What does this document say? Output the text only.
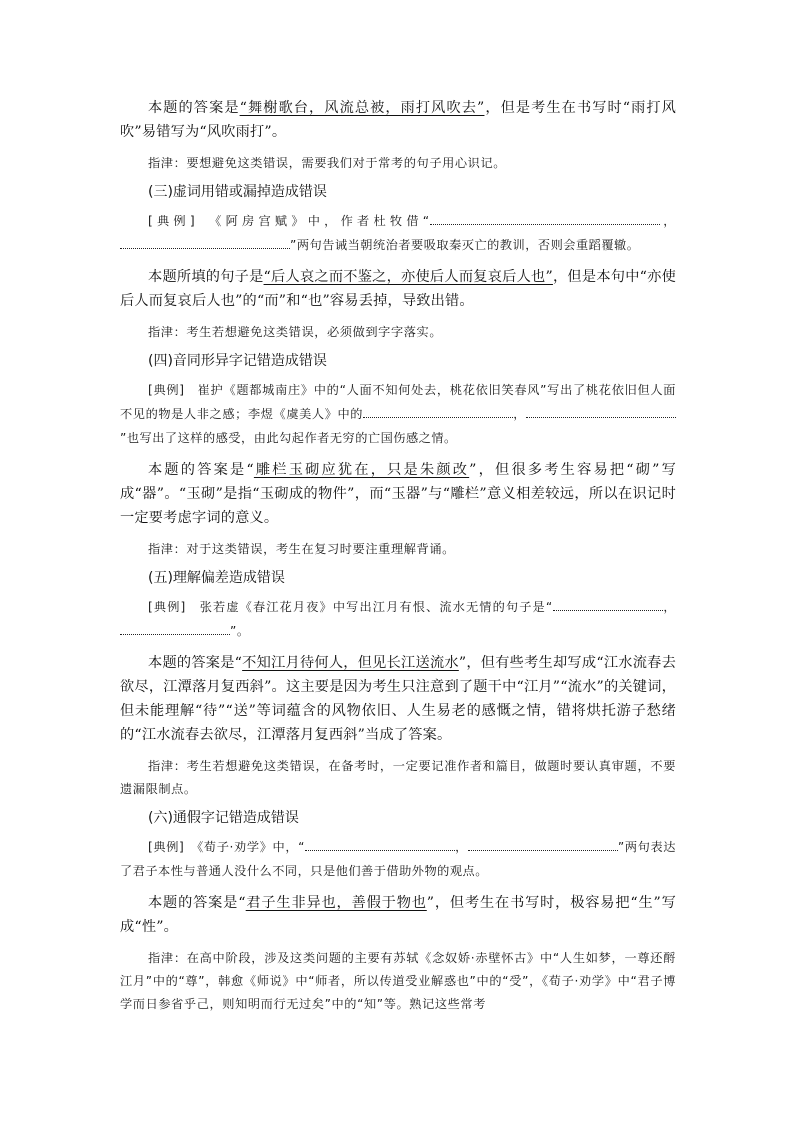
本题的答案是“舞榭歌台，风流总被，雨打风吹去”，但是考生在书写时“雨打风吹”易错写为“风吹雨打”。

指津：要想避免这类错误，需要我们对于常考的句子用心识记。

(三)虚词用错或漏掉造成错误

[典例]　《阿房宫赋》中，作者杜牧借“	，”两句告诫当朝统治者要吸取秦灭亡的教训，否则会重蹈覆辙。

本题所填的句子是“后人哀之而不鉴之，亦使后人而复哀后人也”，但是本句中“亦使后人而复哀后人也”的“而”和“也”容易丢掉，导致出错。

指津：考生若想避免这类错误，必须做到字字落实。

(四)音同形异字记错造成错误

[典例]　崔护《题都城南庄》中的“人面不知何处去，桃花依旧笑春风”写出了桃花依旧但人面不见的物是人非之感；李煜《虞美人》中的	，”也写出了这样的感受，由此勾起作者无穷的亡国伤感之情。

本题的答案是“雕栏玉砌应犹在，只是朱颜改”，但很多考生容易把“砌”写成“器”。“玉砌”是指“玉砌成的物件”，而“玉器”与“雕栏”意义相差较远，所以在识记时一定要考虑字词的意义。

指津：对于这类错误，考生在复习时要注重理解背诵。

(五)理解偏差造成错误

[典例]　张若虚《春江花月夜》中写出江月有恨、流水无情的句子是“	，”。

本题的答案是“不知江月待何人，但见长江送流水”，但有些考生却写成“江水流春去欲尽，江潭落月复西斜”。这主要是因为考生只注意到了题干中“江月”“流水”的关键词，但未能理解“待”“送”等词蕴含的风物依旧、人生易老的感慨之情，错将烘托游子愁绪的“江水流春去欲尽，江潭落月复西斜”当成了答案。

指津：考生若想避免这类错误，在备考时，一定要记准作者和篇目，做题时要认真审题，不要遗漏限制点。

(六)通假字记错造成错误

[典例]　《荀子·劝学》中，“	，	”两句表达了君子本性与普通人没什么不同，只是他们善于借助外物的观点。

本题的答案是“君子生非异也，善假于物也”，但考生在书写时，极容易把“生”写成“性”。

指津：在高中阶段，涉及这类问题的主要有苏轼《念奴娇·赤壁怀古》中“人生如梦，一尊还酹江月”中的“尊”，韩愈《师说》中“师者，所以传道受业解惑也”中的“受”，《荀子·劝学》中“君子博学而日参省乎己，则知明而行无过矣”中的“知”等。熟记这些常考
